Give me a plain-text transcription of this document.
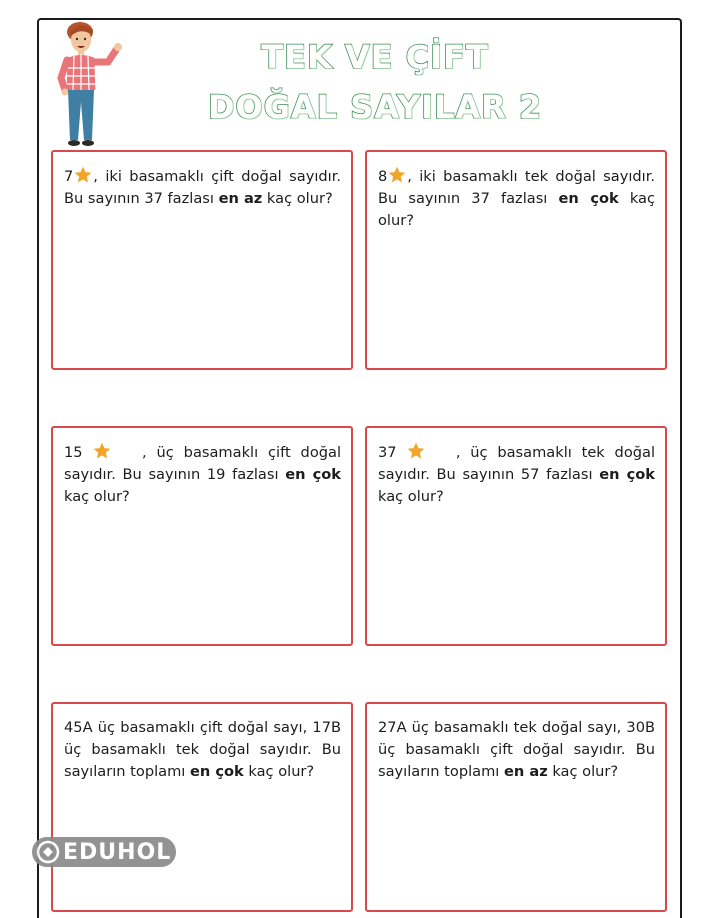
TEK VE ÇİFT
DOĞAL SAYILAR 2
7 , iki basamaklı çift doğal sayıdır. Bu sayının 37 fazlası en az kaç olur?
8 , iki basamaklı tek doğal sayıdır. Bu sayının 37 fazlası en çok kaç olur?
15	, üç basamaklı çift doğal sayıdır. Bu sayının 19 fazlası en çok kaç olur?
37	, üç basamaklı tek doğal sayıdır. Bu sayının 57 fazlası en çok kaç olur?
45A üç basamaklı çift doğal sayı, 17B üç basamaklı tek doğal sayıdır. Bu sayıların toplamı en çok kaç olur?
27A üç basamaklı tek doğal sayı, 30B üç basamaklı çift doğal sayıdır. Bu sayıların toplamı en az kaç olur?
EDUHOL
